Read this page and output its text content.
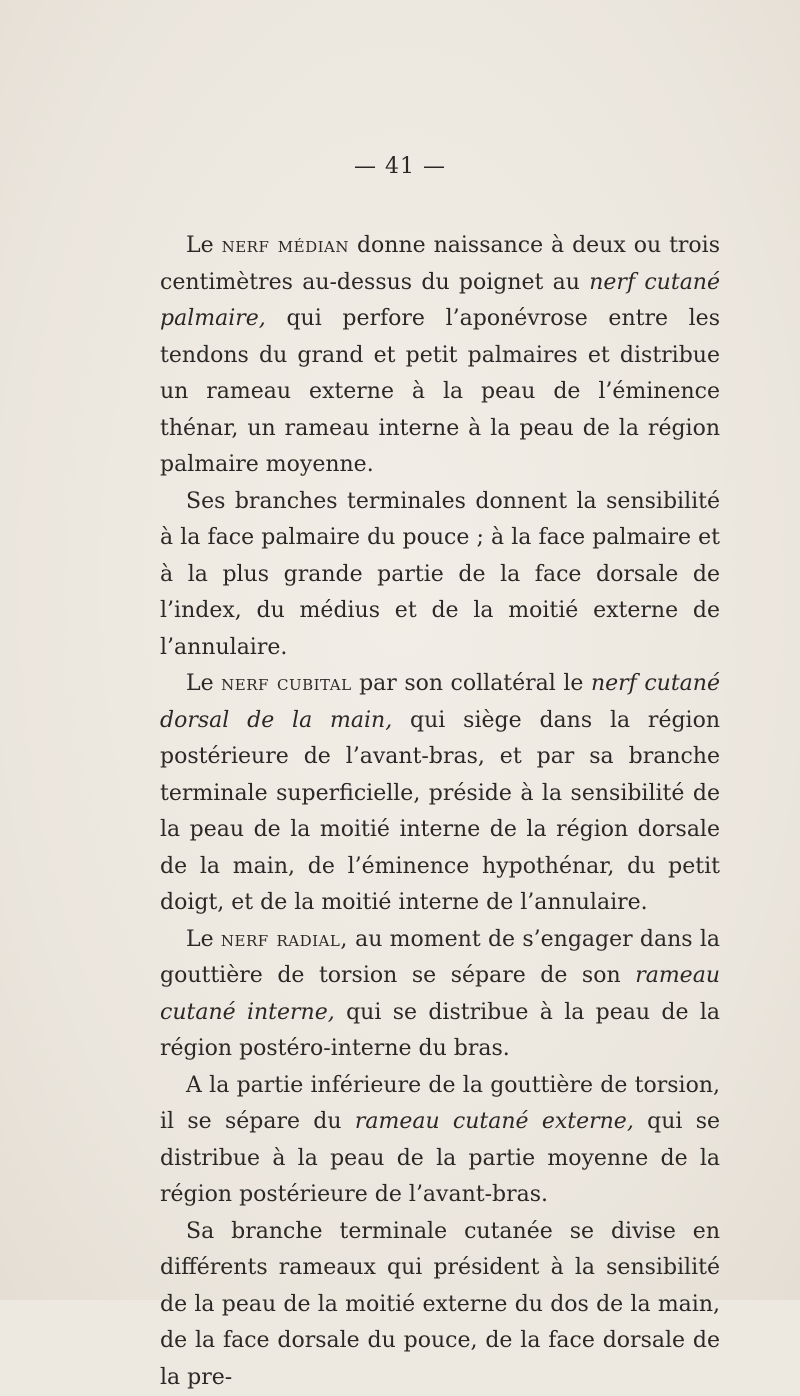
— 41 —

Le nerf médian donne naissance à deux ou trois centimètres au-dessus du poignet au nerf cutané palmaire, qui perfore l’aponévrose entre les tendons du grand et petit palmaires et distribue un rameau externe à la peau de l’éminence thénar, un rameau interne à la peau de la région palmaire moyenne.

Ses branches terminales donnent la sensibilité à la face palmaire du pouce ; à la face palmaire et à la plus grande partie de la face dorsale de l’index, du médius et de la moitié externe de l’annulaire.

Le nerf cubital par son collatéral le nerf cutané dorsal de la main, qui siège dans la région postérieure de l’avant-bras, et par sa branche terminale superficielle, préside à la sensibilité de la peau de la moitié interne de la région dorsale de la main, de l’éminence hypothénar, du petit doigt, et de la moitié interne de l’annulaire.

Le nerf radial, au moment de s’engager dans la gouttière de torsion se sépare de son rameau cutané interne, qui se distribue à la peau de la région postéro-interne du bras.

A la partie inférieure de la gouttière de torsion, il se sépare du rameau cutané externe, qui se distribue à la peau de la partie moyenne de la région postérieure de l’avant-bras.

Sa branche terminale cutanée se divise en différents rameaux qui président à la sensibilité de la peau de la moitié externe du dos de la main, de la face dorsale du pouce, de la face dorsale de la pre-
